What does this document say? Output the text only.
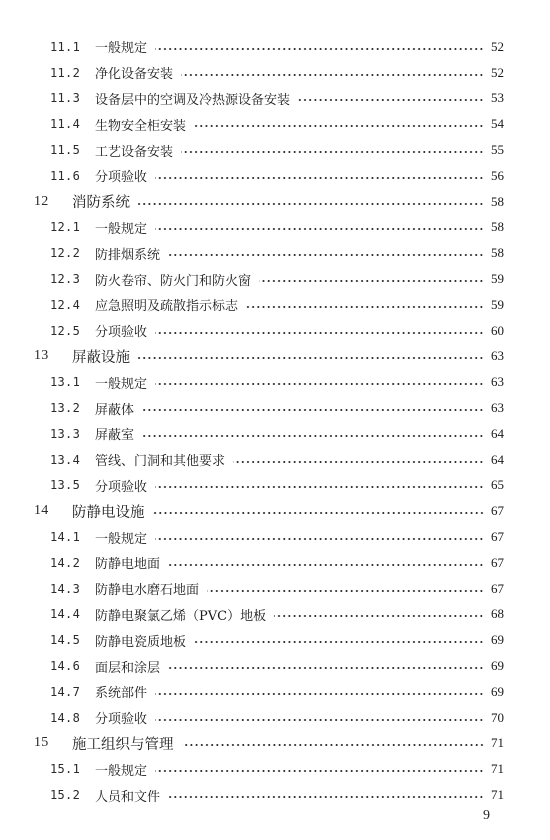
11.1 一般规定	52
11.2 净化设备安装	52
11.3 设备层中的空调及冷热源设备安装	53
11.4 生物安全柜安装	54
11.5 工艺设备安装	55
11.6 分项验收	56
12 消防系统	58
12.1 一般规定	58
12.2 防排烟系统	58
12.3 防火卷帘、防火门和防火窗	59
12.4 应急照明及疏散指示标志	59
12.5 分项验收	60
13 屏蔽设施	63
13.1 一般规定	63
13.2 屏蔽体	63
13.3 屏蔽室	64
13.4 管线、门洞和其他要求	64
13.5 分项验收	65
14 防静电设施	67
14.1 一般规定	67
14.2 防静电地面	67
14.3 防静电水磨石地面	67
14.4 防静电聚氯乙烯（PVC）地板	68
14.5 防静电瓷质地板	69
14.6 面层和涂层	69
14.7 系统部件	69
14.8 分项验收	70
15 施工组织与管理	71
15.1 一般规定	71
15.2 人员和文件	71
9
